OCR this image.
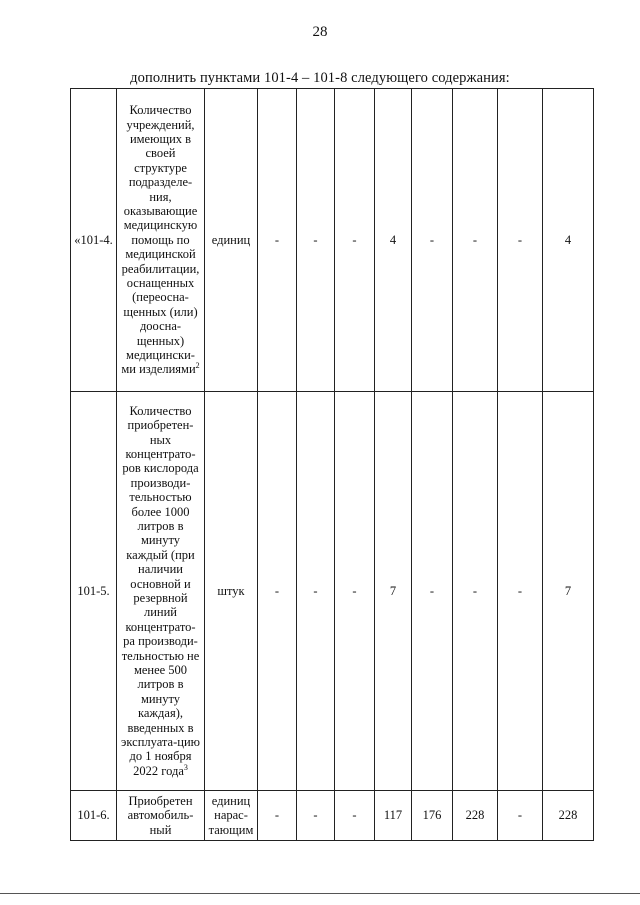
28
дополнить пунктами 101-4 – 101-8 следующего содержания:
«101-4.	Количество учреждений, имеющих в своей структуре подразделе-ния, оказывающие медицинскую помощь по медицинской реабилитации, оснащенных (переосна-щенных (или) доосна-щенных) медицински-ми изделиями$^2$	единиц	-	-	-	4	-	-	-	4
101-5.	Количество приобретен-ных концентрато-ров кислорода производи-тельностью более 1000 литров в минуту каждый (при наличии основной и резервной линий концентрато-ра производи-тельностью не менее 500 литров в минуту каждая), введенных в эксплуата-цию до 1 ноября 2022 года$^3$	штук	-	-	-	7	-	-	-	7
101-6.	Приобретен автомобиль-ный	единиц нарас-тающим	-	-	-	117	176	228	-	228
